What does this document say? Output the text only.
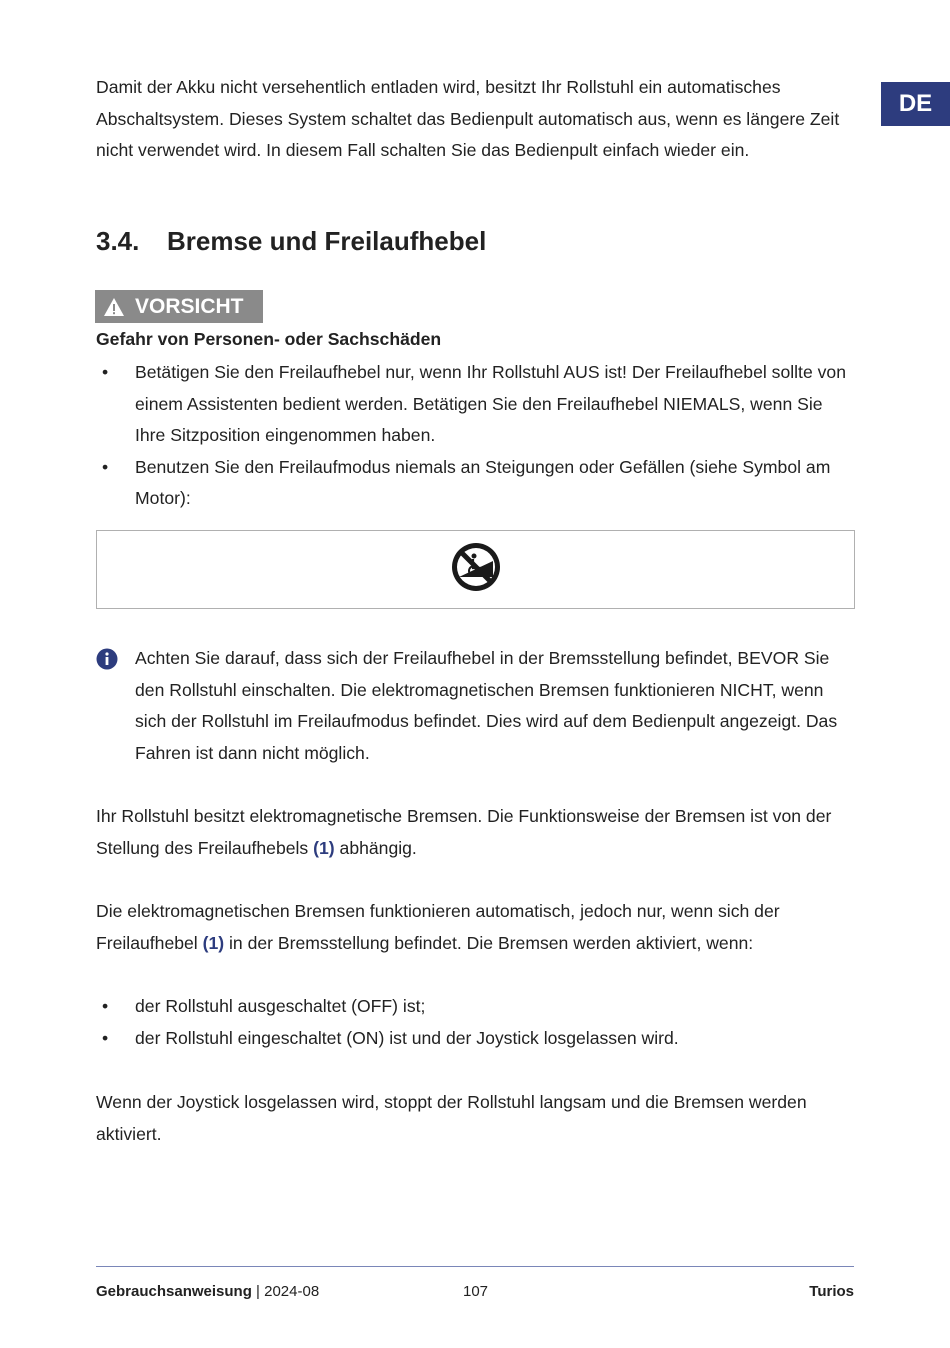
DE

Damit der Akku nicht versehentlich entladen wird, besitzt Ihr Rollstuhl ein automatisches Abschaltsystem. Dieses System schaltet das Bedienpult automatisch aus, wenn es längere Zeit nicht verwendet wird. In diesem Fall schalten Sie das Bedienpult einfach wieder ein.

3.4.	Bremse und Freilaufhebel
VORSICHT

Gefahr von Personen- oder Sachschäden

• Betätigen Sie den Freilaufhebel nur, wenn Ihr Rollstuhl AUS ist! Der Freilaufhebel sollte von einem Assistenten bedient werden. Betätigen Sie den Freilaufhebel NIEMALS, wenn Sie Ihre Sitzposition eingenommen haben.
• Benutzen Sie den Freilaufmodus niemals an Steigungen oder Gefällen (siehe Symbol am Motor):

Achten Sie darauf, dass sich der Freilaufhebel in der Bremsstellung befindet, BEVOR Sie den Rollstuhl einschalten. Die elektromagnetischen Bremsen funktionieren NICHT, wenn sich der Rollstuhl im Freilaufmodus befindet. Dies wird auf dem Bedienpult angezeigt. Das Fahren ist dann nicht möglich.

Ihr Rollstuhl besitzt elektromagnetische Bremsen. Die Funktionsweise der Bremsen ist von der Stellung des Freilaufhebels (1) abhängig.

Die elektromagnetischen Bremsen funktionieren automatisch, jedoch nur, wenn sich der Freilaufhebel (1) in der Bremsstellung befindet. Die Bremsen werden aktiviert, wenn:

• der Rollstuhl ausgeschaltet (OFF) ist;
• der Rollstuhl eingeschaltet (ON) ist und der Joystick losgelassen wird.

Wenn der Joystick losgelassen wird, stoppt der Rollstuhl langsam und die Bremsen werden aktiviert.

Gebrauchsanweisung | 2024-08	107	Turios
